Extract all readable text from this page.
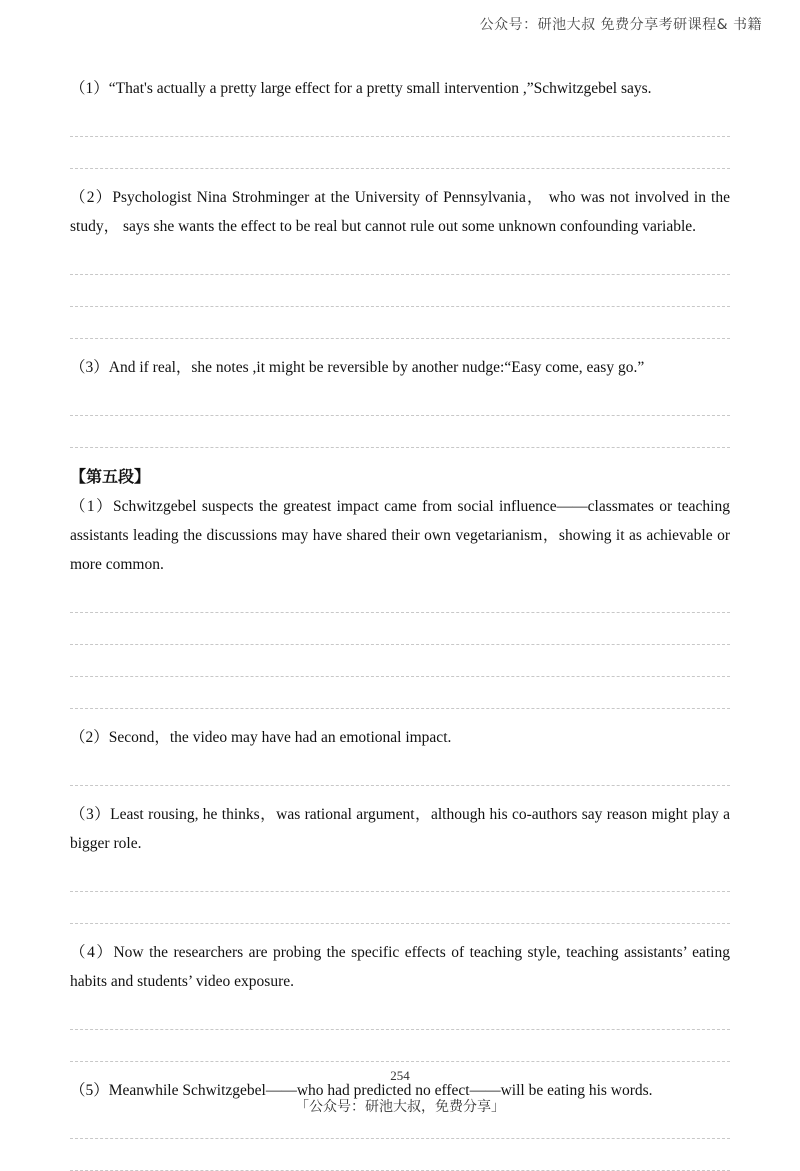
公众号：研池大叔 免费分享考研课程& 书籍

（1）“That's actually a pretty large effect for a pretty small intervention ,”Schwitzgebel says.

（2）Psychologist Nina Strohminger at the University of Pennsylvania， who was not involved in the study， says she wants the effect to be real but cannot rule out some unknown confounding variable.

（3）And if real，she notes ,it might be reversible by another nudge:“Easy come, easy go.”

【第五段】

（1）Schwitzgebel suspects the greatest impact came from social influence——classmates or teaching assistants leading the discussions may have shared their own vegetarianism，showing it as achievable or more common.

（2）Second，the video may have had an emotional impact.

（3）Least rousing, he thinks，was rational argument，although his co-authors say reason might play a bigger role.

（4）Now the researchers are probing the specific effects of teaching style, teaching assistants’ eating habits and students’ video exposure.

（5）Meanwhile Schwitzgebel——who had predicted no effect——will be eating his words.

254
「公众号：研池大叔，免费分享」
